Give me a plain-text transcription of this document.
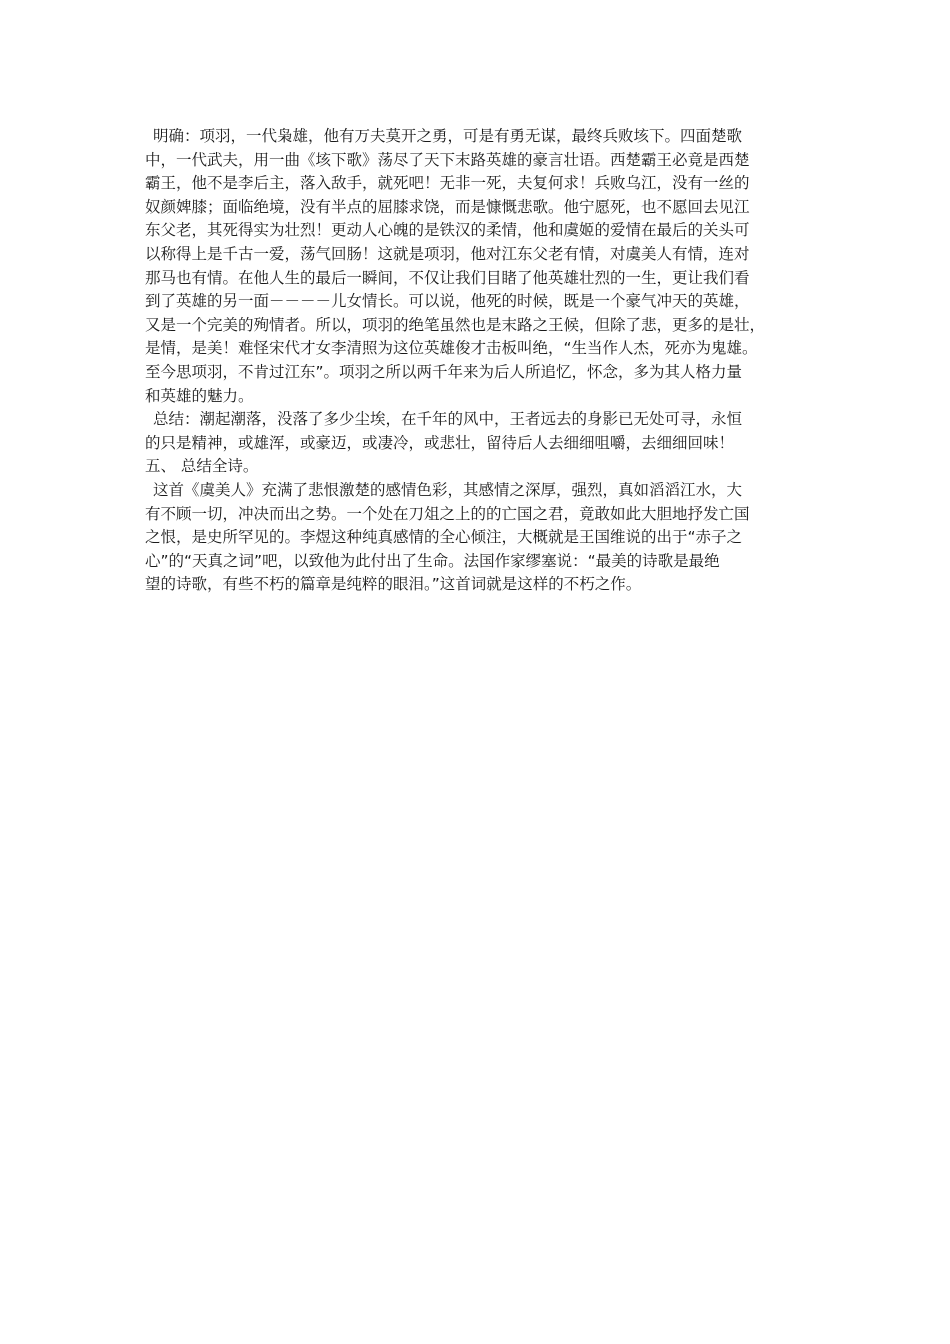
明确：项羽，一代枭雄，他有万夫莫开之勇，可是有勇无谋，最终兵败垓下。四面楚歌
中，一代武夫，用一曲《垓下歌》荡尽了天下末路英雄的豪言壮语。西楚霸王必竟是西楚
霸王，他不是李后主，落入敌手，就死吧！无非一死，夫复何求！兵败乌江，没有一丝的
奴颜婢膝；面临绝境，没有半点的屈膝求饶，而是慷慨悲歌。他宁愿死，也不愿回去见江
东父老，其死得实为壮烈！更动人心魄的是铁汉的柔情，他和虞姬的爱情在最后的关头可
以称得上是千古一爱，荡气回肠！这就是项羽，他对江东父老有情，对虞美人有情，连对
那马也有情。在他人生的最后一瞬间，不仅让我们目睹了他英雄壮烈的一生，更让我们看
到了英雄的另一面－－－－儿女情长。可以说，他死的时候，既是一个豪气冲天的英雄，
又是一个完美的殉情者。所以，项羽的绝笔虽然也是末路之王候，但除了悲，更多的是壮，
是情，是美！难怪宋代才女李清照为这位英雄俊才击板叫绝，“生当作人杰，死亦为鬼雄。
至今思项羽，不肯过江东”。项羽之所以两千年来为后人所追忆，怀念，多为其人格力量
和英雄的魅力。
总结：潮起潮落，没落了多少尘埃，在千年的风中，王者远去的身影已无处可寻，永恒
的只是精神，或雄浑，或豪迈，或凄冷，或悲壮，留待后人去细细咀嚼，去细细回味！
五、 总结全诗。
这首《虞美人》充满了悲恨激楚的感情色彩，其感情之深厚，强烈，真如滔滔江水，大
有不顾一切，冲决而出之势。一个处在刀俎之上的的亡国之君，竟敢如此大胆地抒发亡国
之恨，是史所罕见的。李煜这种纯真感情的全心倾注，大概就是王国维说的出于“赤子之
心”的“天真之词”吧，以致他为此付出了生命。法国作家缪塞说：“最美的诗歌是最绝
望的诗歌，有些不朽的篇章是纯粹的眼泪。”这首词就是这样的不朽之作。
